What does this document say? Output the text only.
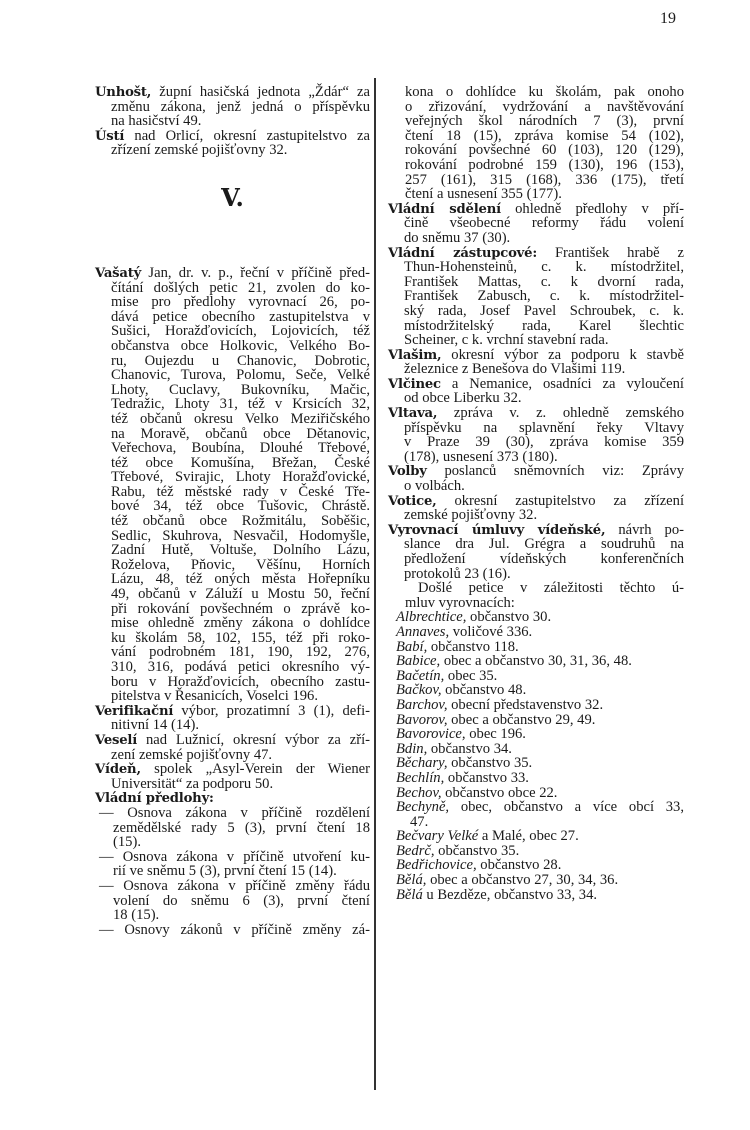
19
Unhošt, župní hasičská jednota „Ždár“ za
změnu zákona, jenž jedná o příspěvku
na hasičství 49.
Ústí nad Orlicí, okresní zastupitelstvo za
zřízení zemské pojišťovny 32.
V.
Vašatý Jan, dr. v. p., řeční v příčině před-
čítání došlých petic 21, zvolen do ko-
mise pro předlohy vyrovnací 26, po-
dává petice obecního zastupitelstva v
Sušici, Horažďovicích, Lojovicích, též
občanstva obce Holkovic, Velkého Bo-
ru, Oujezdu u Chanovic, Dobrotic,
Chanovic, Turova, Polomu, Seče, Velké
Lhoty, Cuclavy, Bukovníku, Mačic,
Tedražic, Lhoty 31, též v Krsicích 32,
též občanů okresu Velko Meziřičského
na Moravě, občanů obce Dětanovic,
Veřechova, Boubína, Dlouhé Třebové,
též obce Komušína, Břežan, České
Třebové, Svirajic, Lhoty Horažďovické,
Rabu, též městské rady v České Tře-
bové 34, též obce Tušovic, Chrástě.
též občanů obce Rožmitálu, Soběšic,
Sedlic, Skuhrova, Nesvačil, Hodomyšle,
Zadní Hutě, Voltuše, Dolního Lázu,
Roželova, Pňovic, Věšínu, Horních
Lázu, 48, též oných města Hořepníku
49, občanů v Záluží u Mostu 50, řeční
při rokování povšechném o zprávě ko-
mise ohledně změny zákona o dohlídce
ku školám 58, 102, 155, též při roko-
vání podrobném 181, 190, 192, 276,
310, 316, podává petici okresního vý-
boru v Horažďovicích, obecního zastu-
pitelstva v Řesanicích, Voselci 196.
Verifikační výbor, prozatimní 3 (1), defi-
nitivní 14 (14).
Veselí nad Lužnicí, okresní výbor za zří-
zení zemské pojišťovny 47.
Vídeň, spolek „Asyl-Verein der Wiener
Universität“ za podporu 50.
Vládní předlohy:
— Osnova zákona v příčině rozdělení
zemědělské rady 5 (3), první čtení 18
(15).
— Osnova zákona v příčině utvoření ku-
rií ve sněmu 5 (3), první čtení 15 (14).
— Osnova zákona v příčině změny řádu
volení do sněmu 6 (3), první čtení
18 (15).
— Osnovy zákonů v příčině změny zá-
kona o dohlídce ku školám, pak onoho
o zřizování, vydržování a navštěvování
veřejných škol národních 7 (3), první
čtení 18 (15), zpráva komise 54 (102),
rokování povšechné 60 (103), 120 (129),
rokování podrobné 159 (130), 196 (153),
257 (161), 315 (168), 336 (175), třetí
čtení a usnesení 355 (177).
Vládní sdělení ohledně předlohy v pří-
čině všeobecné reformy řádu volení
do sněmu 37 (30).
Vládní zástupcové: František hrabě z
Thun-Hohensteinů, c. k. místodržitel,
František Mattas, c. k dvorní rada,
František Zabusch, c. k. místodržitel-
ský rada, Josef Pavel Schroubek, c. k.
místodržitelský rada, Karel šlechtic
Scheiner, c k. vrchní stavební rada.
Vlašim, okresní výbor za podporu k stavbě
železnice z Benešova do Vlašimi 119.
Vlčinec a Nemanice, osadníci za vyloučení
od obce Liberku 32.
Vltava, zpráva v. z. ohledně zemského
příspěvku na splavnění řeky Vltavy
v Praze 39 (30), zpráva komise 359
(178), usnesení 373 (180).
Volby poslanců sněmovních viz: Zprávy
o volbách.
Votice, okresní zastupitelstvo za zřízení
zemské pojišťovny 32.
Vyrovnací úmluvy vídeňské, návrh po-
slance dra Jul. Grégra a soudruhů na
předložení vídeňských konferenčních
protokolů 23 (16).
Došlé petice v záležitosti těchto ú-
mluv vyrovnacích:
Albrechtice, občanstvo 30.
Annaves, voličové 336.
Babí, občanstvo 118.
Babice, obec a občanstvo 30, 31, 36, 48.
Bačetín, obec 35.
Bačkov, občanstvo 48.
Barchov, obecní představenstvo 32.
Bavorov, obec a občanstvo 29, 49.
Bavorovice, obec 196.
Bdin, občanstvo 34.
Běchary, občanstvo 35.
Bechlín, občanstvo 33.
Bechov, občanstvo obce 22.
Bechyně, obec, občanstvo a více obcí 33,
47.
Bečvary Velké a Malé, obec 27.
Bedrč, občanstvo 35.
Bedřichovice, občanstvo 28.
Bělá, obec a občanstvo 27, 30, 34, 36.
Bělá u Bezděze, občanstvo 33, 34.
